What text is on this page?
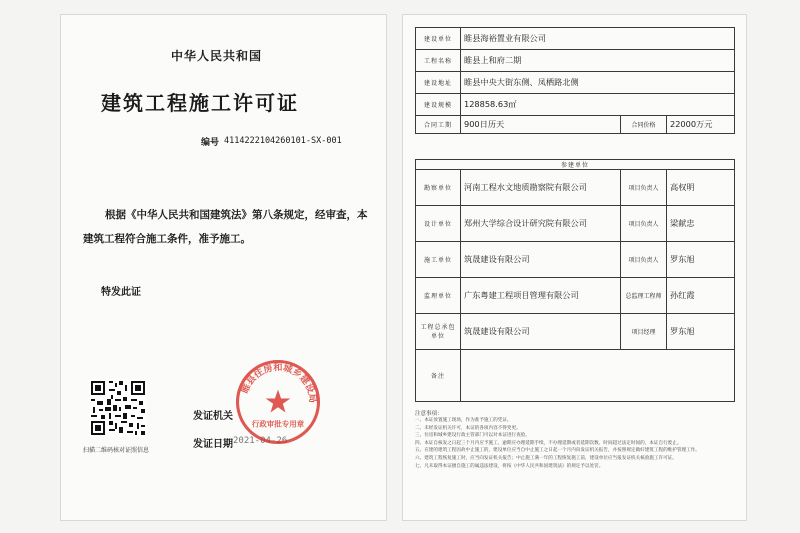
中华人民共和国
建筑工程施工许可证
编号 4114222104260101-SX-001
根据《中华人民共和国建筑法》第八条规定，经审查，本建筑工程符合施工条件，准予施工。
特发此证
扫描二维码核对证照信息
发证机关
发证日期 2021-04-26
睢县住房和城乡建设局
行政审批专用章
建设单位	睢县海裕置业有限公司		
工程名称	睢县上和府二期		
建设地址	睢县中央大街东侧、凤栖路北侧		
建设规模	128858.63㎡		
合同工期	900日历天	合同价格	22000万元
参建单位			
勘察单位	河南工程水文地质勘察院有限公司	项目负责人	高权明
设计单位	郑州大学综合设计研究院有限公司	项目负责人	梁献忠
施工单位	筑晟建设有限公司	项目负责人	罗东旭
监理单位	广东粤建工程项目管理有限公司	总监理工程师	孙红霞
工程总承包单位	筑晟建设有限公司	项目经理	罗东旭
备注			
注意事项：
一、本证放置施工现场，作为准予施工的凭证。
二、未经发证机关许可，本证的各项内容不得变更。
三、住房和城乡建设行政主管部门可以对本证进行查验。
四、本证自核发之日起三个月内应予施工，逾期应办理延期手续，不办理延期或者延期次数、时间超过法定时间的，本证自行废止。
五、在建的建筑工程因故中止施工的，建设单位应当自中止施工之日起一个月内向发证机关报告，并按照规定做好建筑工程的维护管理工作。
六、建筑工程恢复施工时，应当向发证机关报告；中止施工满一年的工程恢复施工前，建设单位应当报发证机关核验施工许可证。
七、凡未取得本证擅自施工的属违法建设，将按《中华人民共和国建筑法》的规定予以处罚。
